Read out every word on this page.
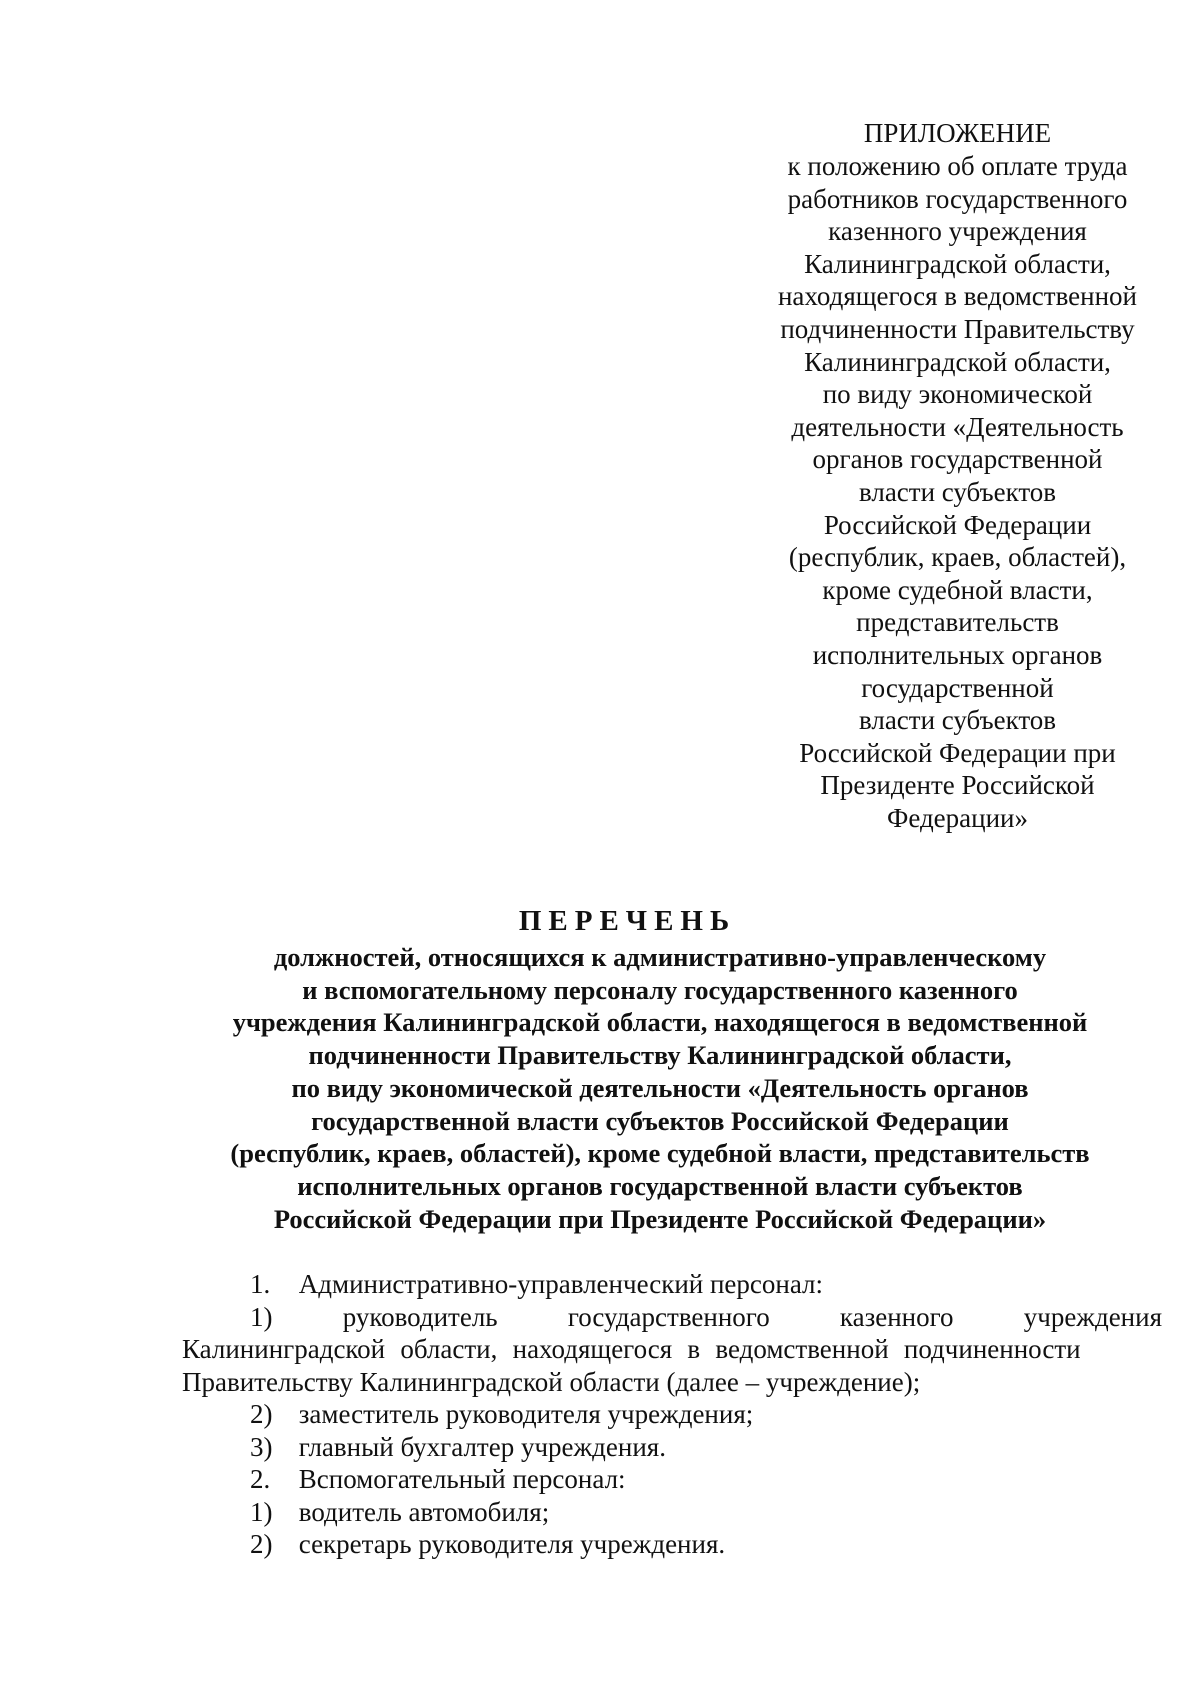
ПРИЛОЖЕНИЕ
к положению об оплате труда
работников государственного
казенного учреждения
Калининградской области,
находящегося в ведомственной
подчиненности Правительству
Калининградской области,
по виду экономической
деятельности «Деятельность
органов государственной
власти субъектов
Российской Федерации
(республик, краев, областей),
кроме судебной власти,
представительств
исполнительных органов
государственной
власти субъектов
Российской Федерации при
Президенте Российской
Федерации»
ПЕРЕЧЕНЬ
должностей, относящихся к административно-управленческому
и вспомогательному персоналу государственного казенного
учреждения Калининградской области, находящегося в ведомственной
подчиненности Правительству Калининградской области,
по виду экономической деятельности «Деятельность органов
государственной власти субъектов Российской Федерации
(республик, краев, областей), кроме судебной власти, представительств
исполнительных органов государственной власти субъектов
Российской Федерации при Президенте Российской Федерации»
1. Административно-управленческий персонал:
1)	руководитель	государственного	казенного	учреждения
Калининградской области, находящегося в ведомственной подчиненности
Правительству Калининградской области (далее – учреждение);
2) заместитель руководителя учреждения;
3) главный бухгалтер учреждения.
2. Вспомогательный персонал:
1) водитель автомобиля;
2) секретарь руководителя учреждения.
